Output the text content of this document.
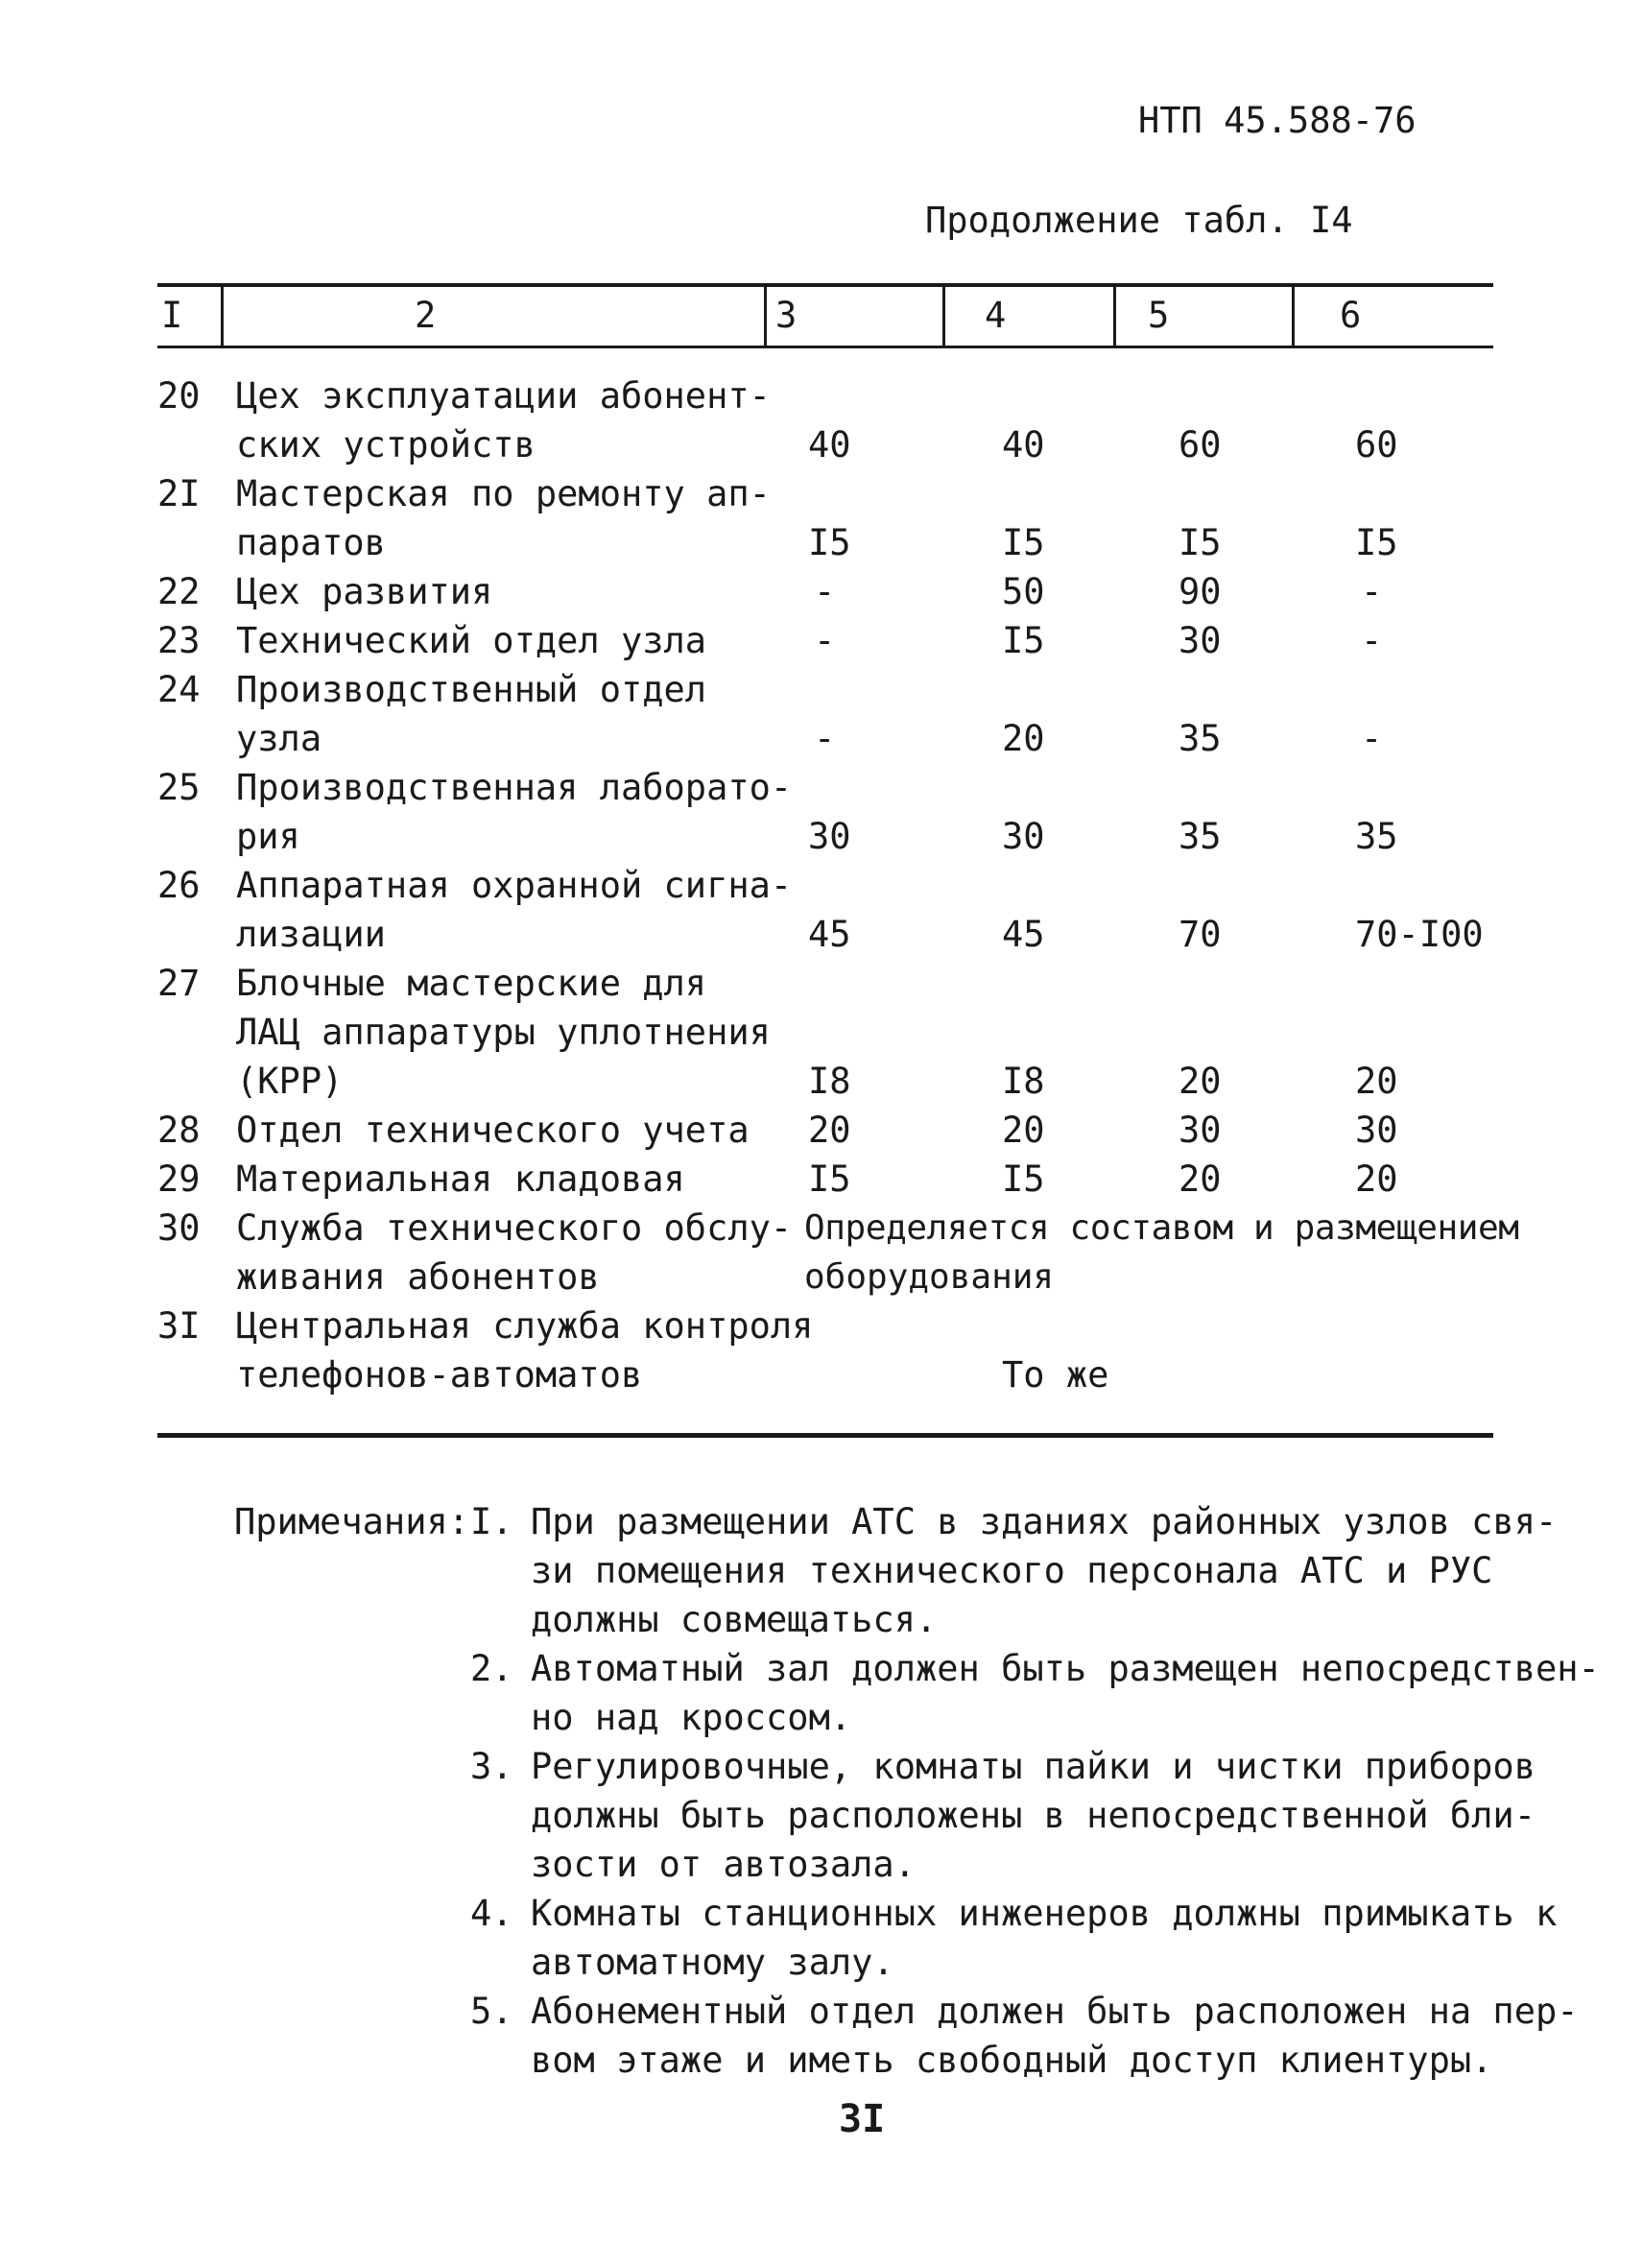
НТП 45.588-76
Продолжение табл. I4
I	2	3	4	5	6
20 Цех эксплуатации абонент-
ских устройств	40	40	60	60
2I Мастерская по ремонту ап-
паратов	I5	I5	I5	I5
22 Цех развития	-	50	90	-
23 Технический отдел узла	-	I5	30	-
24 Производственный отдел
узла	-	20	35	-
25 Производственная лаборато-
рия	30	30	35	35
26 Аппаратная охранной сигна-
лизации	45	45	70	70-I00
27 Блочные мастерские для
ЛАЦ аппаратуры уплотнения
(КРР)	I8	I8	20	20
28 Отдел технического учета 20	20	30	30
29 Материальная кладовая	I5	I5	20	20
30 Служба технического обслу-
живания абонентов
Определяется составом и размещением
оборудования
3I Центральная служба контроля
телефонов-автоматов	То же
Примечания: I. При размещении АТС в зданиях районных узлов свя-
зи помещения технического персонала АТС и РУС
должны совмещаться.
2. Автоматный зал должен быть размещен непосредствен-
но над кроссом.
3. Регулировочные, комнаты пайки и чистки приборов
должны быть расположены в непосредственной бли-
зости от автозала.
4. Комнаты станционных инженеров должны примыкать к
автоматному залу.
5. Абонементный отдел должен быть расположен на пер-
вом этаже и иметь свободный доступ клиентуры.
3I
